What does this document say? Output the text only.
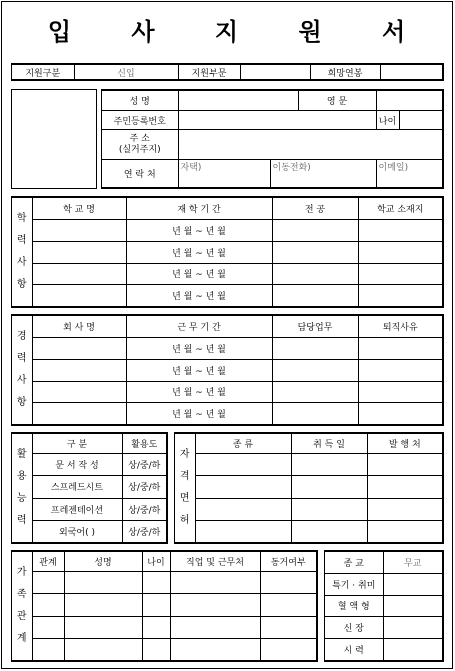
입 사 지 원 서
지원구분	신입	지원부문		희망연봉	
성 명			영 문		
주민등록번호				나이	

주 소
(실거주지)					

연 락 처	자택)	이동전화)		이메일)	
학
력
사
항	학 교 명	재 학 기 간	전 공	학교 소재지
		년 월 ~ 년 월		
		년 월 ~ 년 월		
		년 월 ~ 년 월		
		년 월 ~ 년 월		
경
력
사
항	회 사 명	근 무 기 간	담당업무	퇴직사유
		년 월 ~ 년 월		
		년 월 ~ 년 월		
		년 월 ~ 년 월		
		년 월 ~ 년 월		
활
용
능
력	구 분	활용도
	문 서 작 성	상/중/하
	스프레드시트	상/중/하
	프레젠테이션	상/중/하
	외국어( )	상/중/하
자
격
면
허	종 류	취 득 일	발 행 처

가
족
관
계	관계	성명	나이	직업 및 근무처	동거여부

					종 교	무교
특기 · 취미	
혈 액 형	
신 장	
시 력	
